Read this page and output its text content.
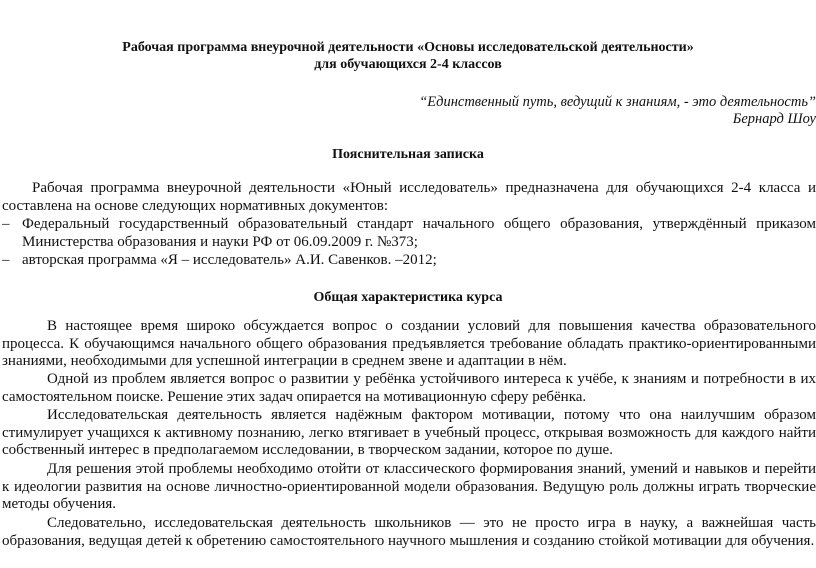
Рабочая программа внеурочной деятельности «Основы исследовательской деятельности»
для обучающихся 2-4 классов
“Единственный путь, ведущий к знаниям, - это деятельность”
Бернард Шоу
Пояснительная записка

Рабочая программа внеурочной деятельности «Юный исследователь» предназначена для обучающихся 2-4 класса и составлена на основе следующих нормативных документов:

– Федеральный государственный образовательный стандарт начального общего образования, утверждённый приказом Министерства образования и науки РФ от 06.09.2009 г. №373;
– авторская программа «Я – исследователь» А.И. Савенков. –2012;
Общая характеристика курса

В настоящее время широко обсуждается вопрос о создании условий для повышения качества образовательного процесса. К обучающимся начального общего образования предъявляется требование обладать практико-ориентированными знаниями, необходимыми для успешной интеграции в среднем звене и адаптации в нём.

Одной из проблем является вопрос о развитии у ребёнка устойчивого интереса к учёбе, к знаниям и потребности в их самостоятельном поиске. Решение этих задач опирается на мотивационную сферу ребёнка.

Исследовательская деятельность является надёжным фактором мотивации, потому что она наилучшим образом стимулирует учащихся к активному познанию, легко втягивает в учебный процесс, открывая возможность для каждого найти собственный интерес в предполагаемом исследовании, в творческом задании, которое по душе.

Для решения этой проблемы необходимо отойти от классического формирования знаний, умений и навыков и перейти к идеологии развития на основе личностно-ориентированной модели образования. Ведущую роль должны играть творческие методы обучения.

Следовательно, исследовательская деятельность школьников — это не просто игра в науку, а важнейшая часть образования, ведущая детей к обретению самостоятельного научного мышления и созданию стойкой мотивации для обучения.
